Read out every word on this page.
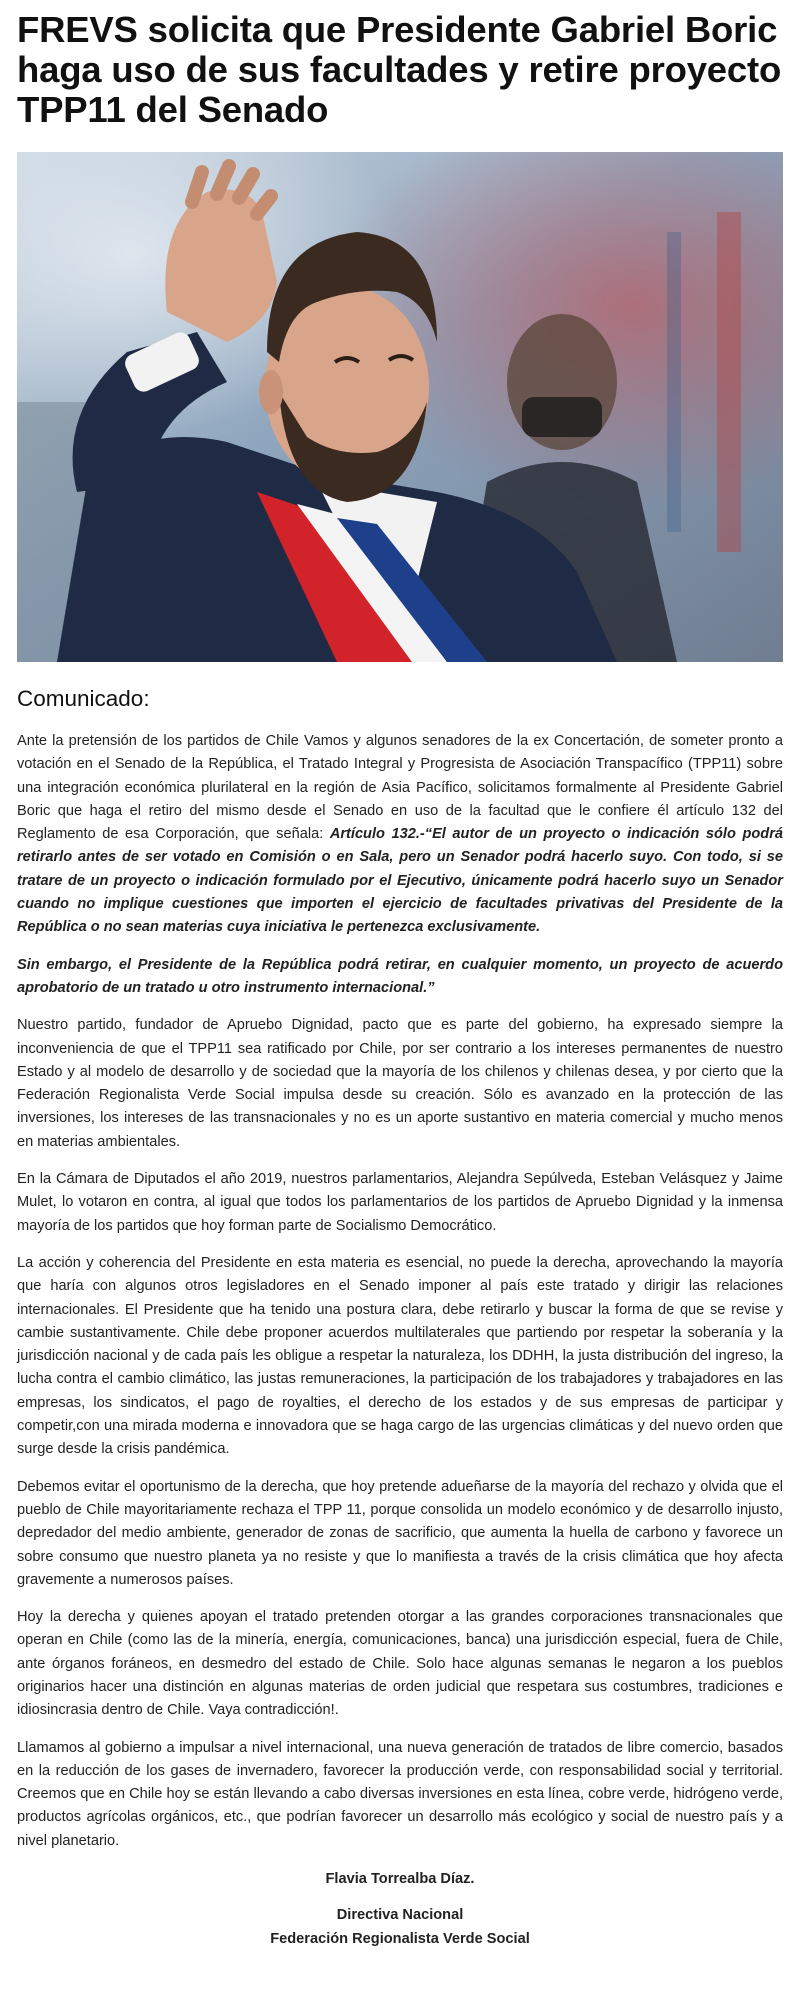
FREVS solicita que Presidente Gabriel Boric haga uso de sus facultades y retire proyecto TPP11 del Senado
Comunicado:

Ante la pretensión de los partidos de Chile Vamos y algunos senadores de la ex Concertación, de someter pronto a votación en el Senado de la República, el Tratado Integral y Progresista de Asociación Transpacífico (TPP11) sobre una integración económica plurilateral en la región de Asia Pacífico, solicitamos formalmente al Presidente Gabriel Boric que haga el retiro del mismo desde el Senado en uso de la facultad que le confiere él artículo 132 del Reglamento de esa Corporación, que señala: Artículo 132.-“El autor de un proyecto o indicación sólo podrá retirarlo antes de ser votado en Comisión o en Sala, pero un Senador podrá hacerlo suyo. Con todo, si se tratare de un proyecto o indicación formulado por el Ejecutivo, únicamente podrá hacerlo suyo un Senador cuando no implique cuestiones que importen el ejercicio de facultades privativas del Presidente de la República o no sean materias cuya iniciativa le pertenezca exclusivamente.

Sin embargo, el Presidente de la República podrá retirar, en cualquier momento, un proyecto de acuerdo aprobatorio de un tratado u otro instrumento internacional.”

Nuestro partido, fundador de Apruebo Dignidad, pacto que es parte del gobierno, ha expresado siempre la inconveniencia de que el TPP11 sea ratificado por Chile, por ser contrario a los intereses permanentes de nuestro Estado y al modelo de desarrollo y de sociedad que la mayoría de los chilenos y chilenas desea, y por cierto que la Federación Regionalista Verde Social impulsa desde su creación. Sólo es avanzado en la protección de las inversiones, los intereses de las transnacionales y no es un aporte sustantivo en materia comercial y mucho menos en materias ambientales.

En la Cámara de Diputados el año 2019, nuestros parlamentarios, Alejandra Sepúlveda, Esteban Velásquez y Jaime Mulet, lo votaron en contra, al igual que todos los parlamentarios de los partidos de Apruebo Dignidad y la inmensa mayoría de los partidos que hoy forman parte de Socialismo Democrático.

La acción y coherencia del Presidente en esta materia es esencial, no puede la derecha, aprovechando la mayoría que haría con algunos otros legisladores en el Senado imponer al país este tratado y dirigir las relaciones internacionales. El Presidente que ha tenido una postura clara, debe retirarlo y buscar la forma de que se revise y cambie sustantivamente. Chile debe proponer acuerdos multilaterales que partiendo por respetar la soberanía y la jurisdicción nacional y de cada país les obligue a respetar la naturaleza, los DDHH, la justa distribución del ingreso, la lucha contra el cambio climático, las justas remuneraciones, la participación de los trabajadores y trabajadores en las empresas, los sindicatos, el pago de royalties, el derecho de los estados y de sus empresas de participar y competir,con una mirada moderna e innovadora que se haga cargo de las urgencias climáticas y del nuevo orden que surge desde la crisis pandémica.

Debemos evitar el oportunismo de la derecha, que hoy pretende adueñarse de la mayoría del rechazo y olvida que el pueblo de Chile mayoritariamente rechaza el TPP 11, porque consolida un modelo económico y de desarrollo injusto, depredador del medio ambiente, generador de zonas de sacrificio, que aumenta la huella de carbono y favorece un sobre consumo que nuestro planeta ya no resiste y que lo manifiesta a través de la crisis climática que hoy afecta gravemente a numerosos países.

Hoy la derecha y quienes apoyan el tratado pretenden otorgar a las grandes corporaciones transnacionales que operan en Chile (como las de la minería, energía, comunicaciones, banca) una jurisdicción especial, fuera de Chile, ante órganos foráneos, en desmedro del estado de Chile. Solo hace algunas semanas le negaron a los pueblos originarios hacer una distinción en algunas materias de orden judicial que respetara sus costumbres, tradiciones e idiosincrasia dentro de Chile. Vaya contradicción!.

Llamamos al gobierno a impulsar a nivel internacional, una nueva generación de tratados de libre comercio, basados en la reducción de los gases de invernadero, favorecer la producción verde, con responsabilidad social y territorial. Creemos que en Chile hoy se están llevando a cabo diversas inversiones en esta línea, cobre verde, hidrógeno verde, productos agrícolas orgánicos, etc., que podrían favorecer un desarrollo más ecológico y social de nuestro país y a nivel planetario.

Flavia Torrealba Díaz.
Directiva Nacional
Federación Regionalista Verde Social
